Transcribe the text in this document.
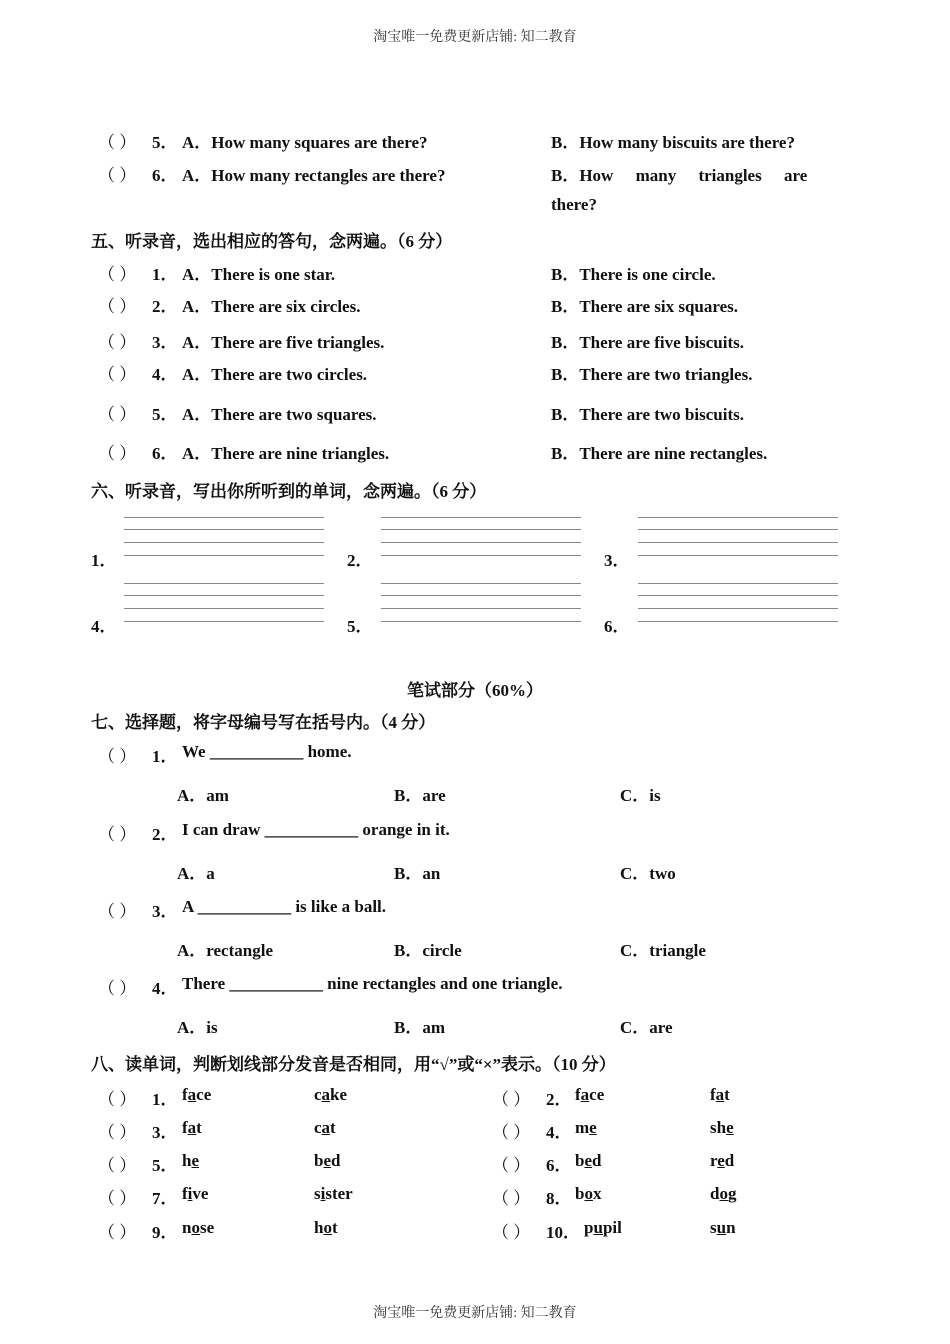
淘宝唯一免费更新店铺: 知二教育
（ ） 5． A．How many squares are there?	B．How many biscuits are there?
（ ） 6． A．How many rectangles are there?	B．How many triangles are
there?
五、听录音，选出相应的答句，念两遍。（6 分）
（ ） 1． A．There is one star.	B．There is one circle.
（ ） 2． A．There are six circles.	B．There are six squares.
（ ） 3． A．There are five triangles.	B．There are five biscuits.
（ ） 4． A．There are two circles.	B．There are two triangles.
（ ） 5． A．There are two squares.	B．There are two biscuits.
（ ） 6． A．There are nine triangles.	B．There are nine rectangles.
六、听录音，写出你所听到的单词，念两遍。（6 分）
1．	2．	3．
4．	5．	6．
笔试部分（60%）
七、选择题，将字母编号写在括号内。（4 分）
（ ） 1． We ___________ home.
A．am	B．are	C．is
（ ） 2． I can draw ___________ orange in it.
A．a	B．an	C．two
（ ） 3． A ___________ is like a ball.
A．rectangle	B．circle	C．triangle
（ ） 4． There ___________ nine rectangles and one triangle.
A．is	B．am	C．are
八、读单词，判断划线部分发音是否相同，用“√”或“×”表示。（10 分）
（ ） 1． face	cake	（ ） 2． face	fat
（ ） 3． fat	cat	（ ） 4． me	she
（ ） 5． he	bed	（ ） 6． bed	red
（ ） 7． five	sister	（ ） 8． box	dog
（ ） 9． nose	hot	（ ） 10． pupil	sun
淘宝唯一免费更新店铺: 知二教育
